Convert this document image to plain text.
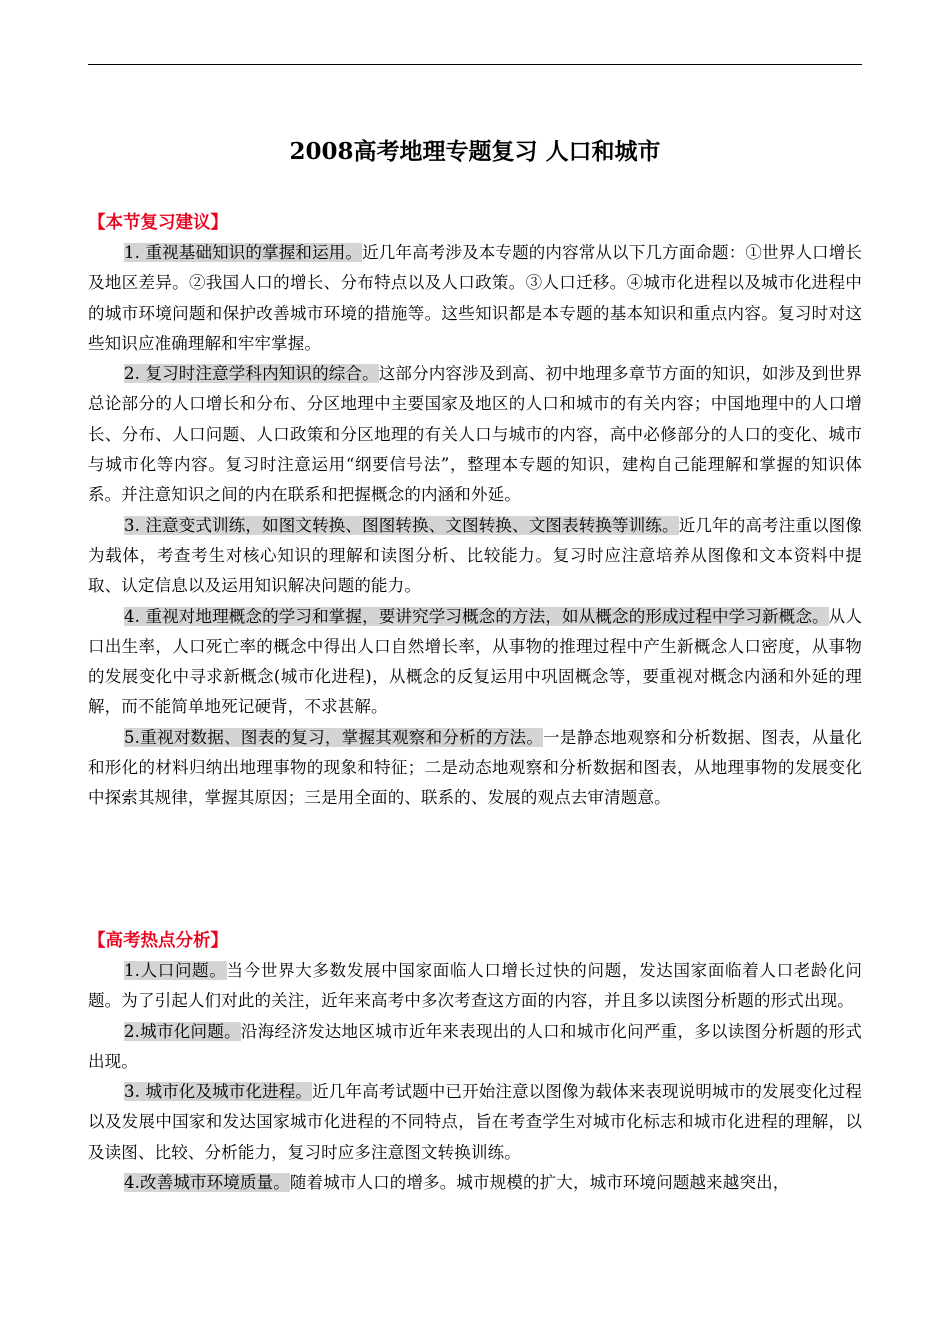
2008高考地理专题复习 人口和城市

【本节复习建议】

1. 重视基础知识的掌握和运用。近几年高考涉及本专题的内容常从以下几方面命题：①世界人口增长及地区差异。②我国人口的增长、分布特点以及人口政策。③人口迁移。④城市化进程以及城市化进程中的城市环境问题和保护改善城市环境的措施等。这些知识都是本专题的基本知识和重点内容。复习时对这些知识应准确理解和牢牢掌握。

2. 复习时注意学科内知识的综合。这部分内容涉及到高、初中地理多章节方面的知识，如涉及到世界总论部分的人口增长和分布、分区地理中主要国家及地区的人口和城市的有关内容；中国地理中的人口增长、分布、人口问题、人口政策和分区地理的有关人口与城市的内容，高中必修部分的人口的变化、城市与城市化等内容。复习时注意运用“纲要信号法”，整理本专题的知识，建构自己能理解和掌握的知识体系。并注意知识之间的内在联系和把握概念的内涵和外延。

3. 注意变式训练，如图文转换、图图转换、文图转换、文图表转换等训练。近几年的高考注重以图像为载体，考查考生对核心知识的理解和读图分析、比较能力。复习时应注意培养从图像和文本资料中提取、认定信息以及运用知识解决问题的能力。

4. 重视对地理概念的学习和掌握，要讲究学习概念的方法，如从概念的形成过程中学习新概念。从人口出生率，人口死亡率的概念中得出人口自然增长率，从事物的推理过程中产生新概念人口密度，从事物的发展变化中寻求新概念(城市化进程)，从概念的反复运用中巩固概念等，要重视对概念内涵和外延的理解，而不能简单地死记硬背，不求甚解。

5.重视对数据、图表的复习，掌握其观察和分析的方法。一是静态地观察和分析数据、图表，从量化和形化的材料归纳出地理事物的现象和特征；二是动态地观察和分析数据和图表，从地理事物的发展变化中探索其规律，掌握其原因；三是用全面的、联系的、发展的观点去审清题意。

【高考热点分析】

1.人口问题。当今世界大多数发展中国家面临人口增长过快的问题，发达国家面临着人口老龄化问题。为了引起人们对此的关注，近年来高考中多次考查这方面的内容，并且多以读图分析题的形式出现。

2.城市化问题。沿海经济发达地区城市近年来表现出的人口和城市化问严重，多以读图分析题的形式出现。

3. 城市化及城市化进程。近几年高考试题中已开始注意以图像为载体来表现说明城市的发展变化过程以及发展中国家和发达国家城市化进程的不同特点，旨在考查学生对城市化标志和城市化进程的理解，以及读图、比较、分析能力，复习时应多注意图文转换训练。

4.改善城市环境质量。随着城市人口的增多。城市规模的扩大，城市环境问题越来越突出，
